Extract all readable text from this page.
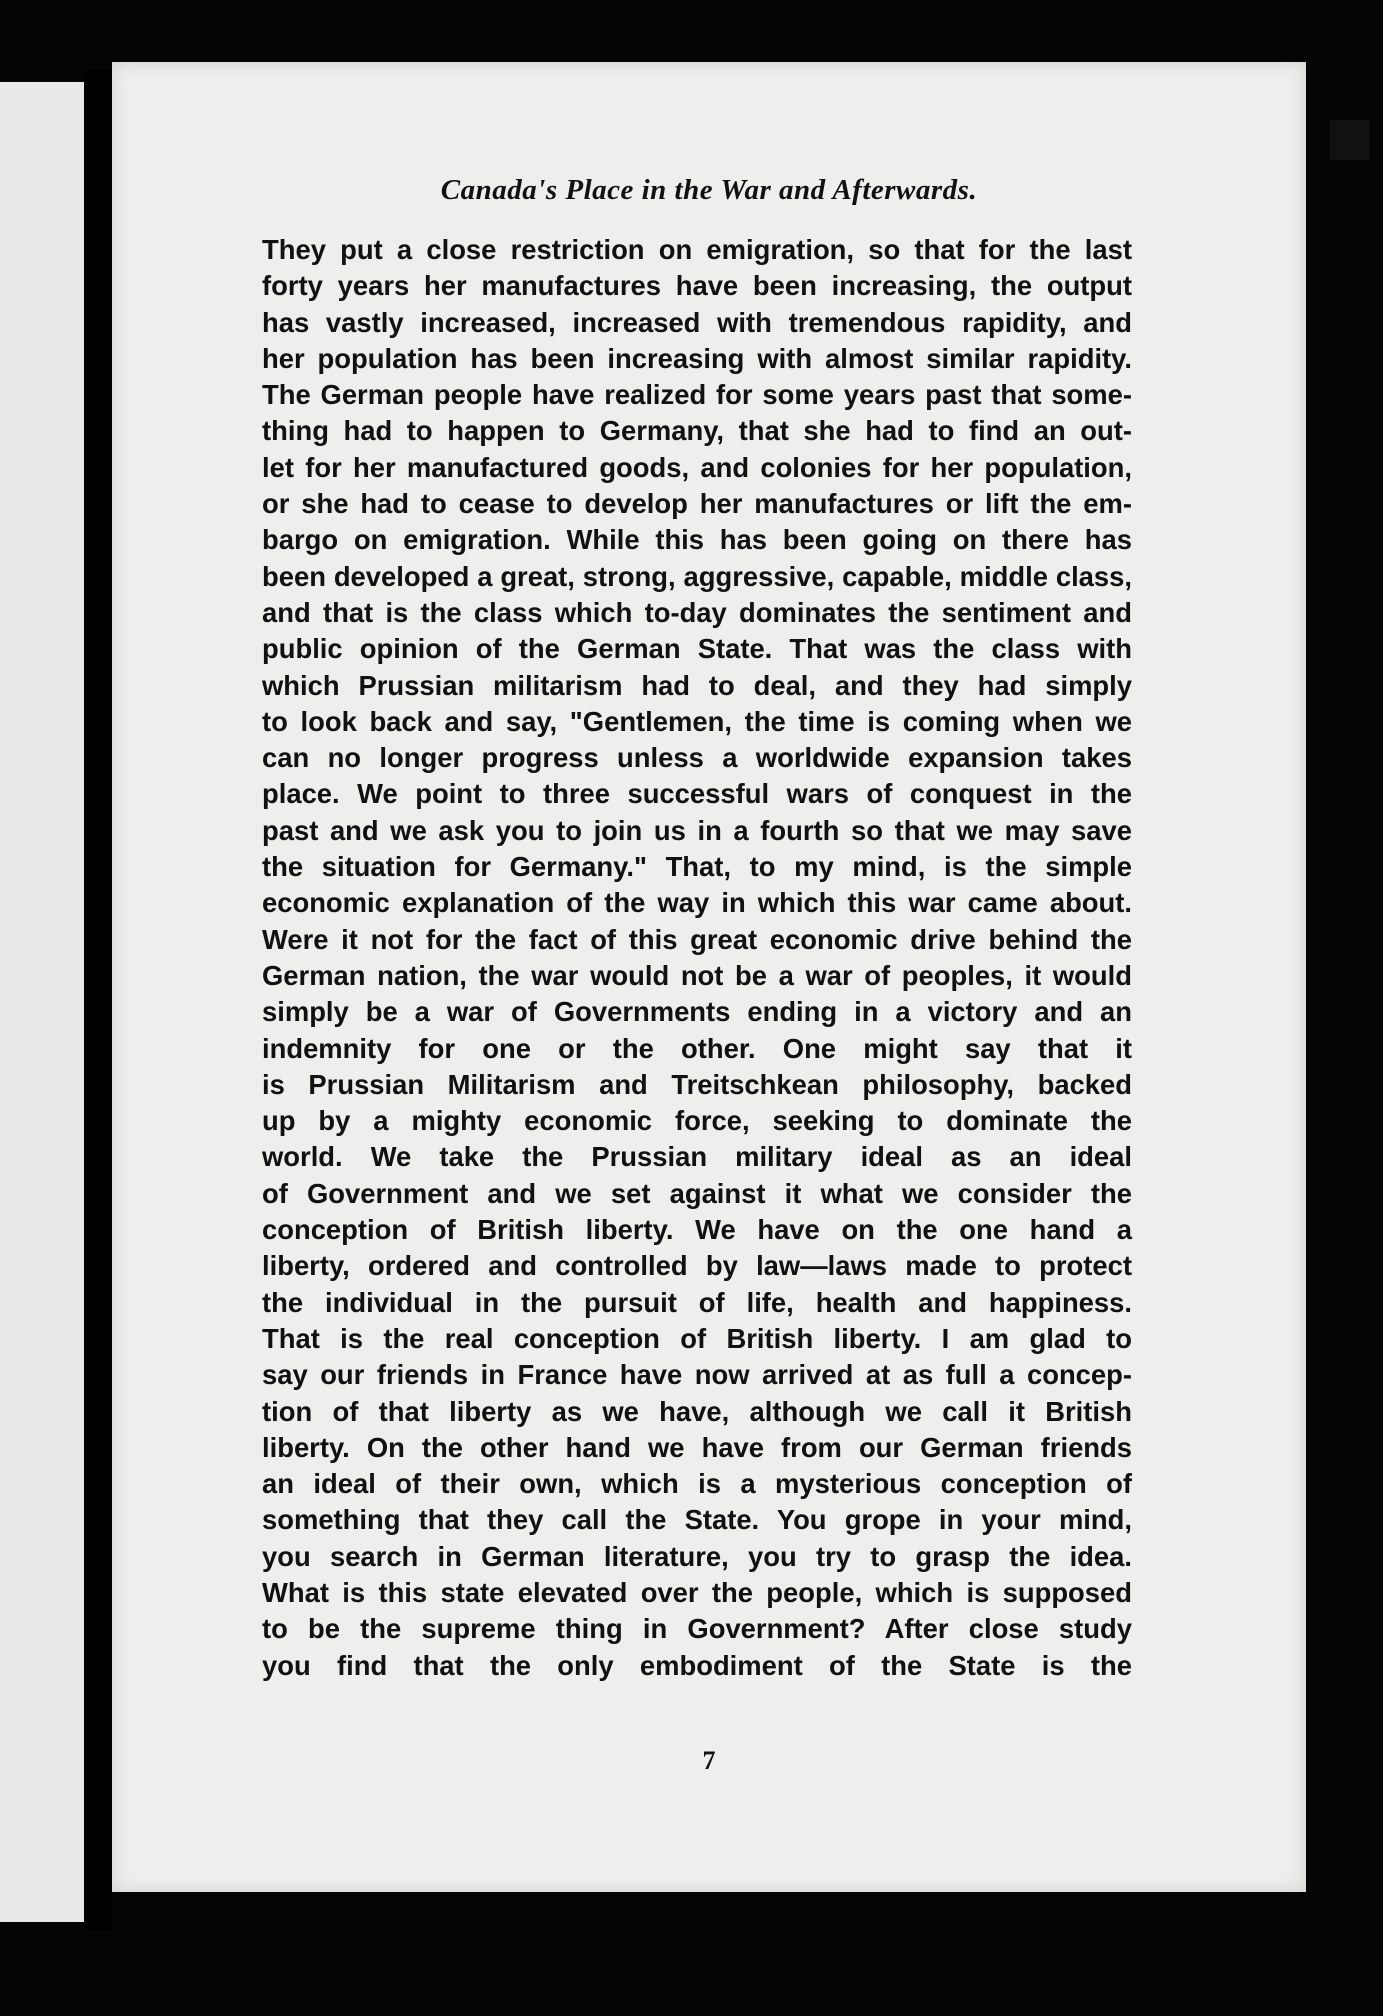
Canada's Place in the War and Afterwards.
They put a close restriction on emigration, so that for the last
forty years her manufactures have been increasing, the output
has vastly increased, increased with tremendous rapidity, and
her population has been increasing with almost similar rapidity.
The German people have realized for some years past that some-
thing had to happen to Germany, that she had to find an out-
let for her manufactured goods, and colonies for her population,
or she had to cease to develop her manufactures or lift the em-
bargo on emigration. While this has been going on there has
been developed a great, strong, aggressive, capable, middle class,
and that is the class which to-day dominates the sentiment and
public opinion of the German State. That was the class with
which Prussian militarism had to deal, and they had simply
to look back and say, "Gentlemen, the time is coming when we
can no longer progress unless a worldwide expansion takes
place. We point to three successful wars of conquest in the
past and we ask you to join us in a fourth so that we may save
the situation for Germany." That, to my mind, is the simple
economic explanation of the way in which this war came about.
Were it not for the fact of this great economic drive behind the
German nation, the war would not be a war of peoples, it would
simply be a war of Governments ending in a victory and an
indemnity for one or the other. One might say that it
is Prussian Militarism and Treitschkean philosophy, backed
up by a mighty economic force, seeking to dominate the
world. We take the Prussian military ideal as an ideal
of Government and we set against it what we consider the
conception of British liberty. We have on the one hand a
liberty, ordered and controlled by law—laws made to protect
the individual in the pursuit of life, health and happiness.
That is the real conception of British liberty. I am glad to
say our friends in France have now arrived at as full a concep-
tion of that liberty as we have, although we call it British
liberty. On the other hand we have from our German friends
an ideal of their own, which is a mysterious conception of
something that they call the State. You grope in your mind,
you search in German literature, you try to grasp the idea.
What is this state elevated over the people, which is supposed
to be the supreme thing in Government? After close study
you find that the only embodiment of the State is the
7
